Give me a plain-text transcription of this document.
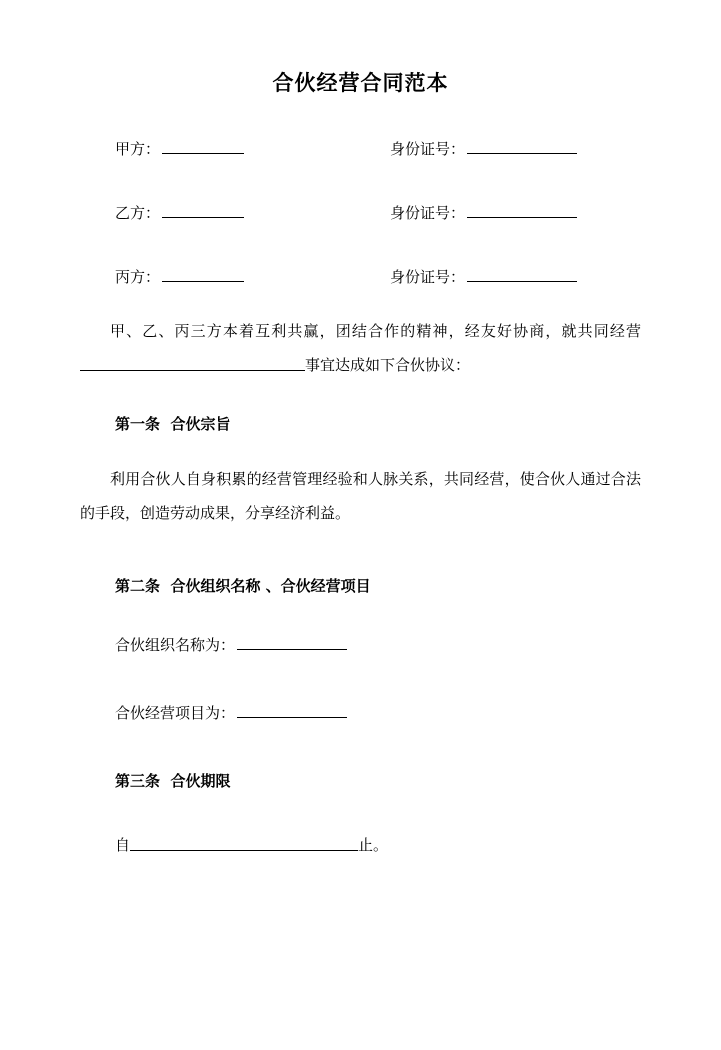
合伙经营合同范本
甲方：	身份证号：
乙方：	身份证号：
丙方：	身份证号：

甲、乙、丙三方本着互利共赢，团结合作的精神，经友好协商，就共同经营事宜达成如下合伙协议：

第一条  合伙宗旨

利用合伙人自身积累的经营管理经验和人脉关系，共同经营，使合伙人通过合法的手段，创造劳动成果，分享经济利益。

第二条  合伙组织名称 、合伙经营项目
合伙组织名称为：
合伙经营项目为：
第三条  合伙期限
自	止。
